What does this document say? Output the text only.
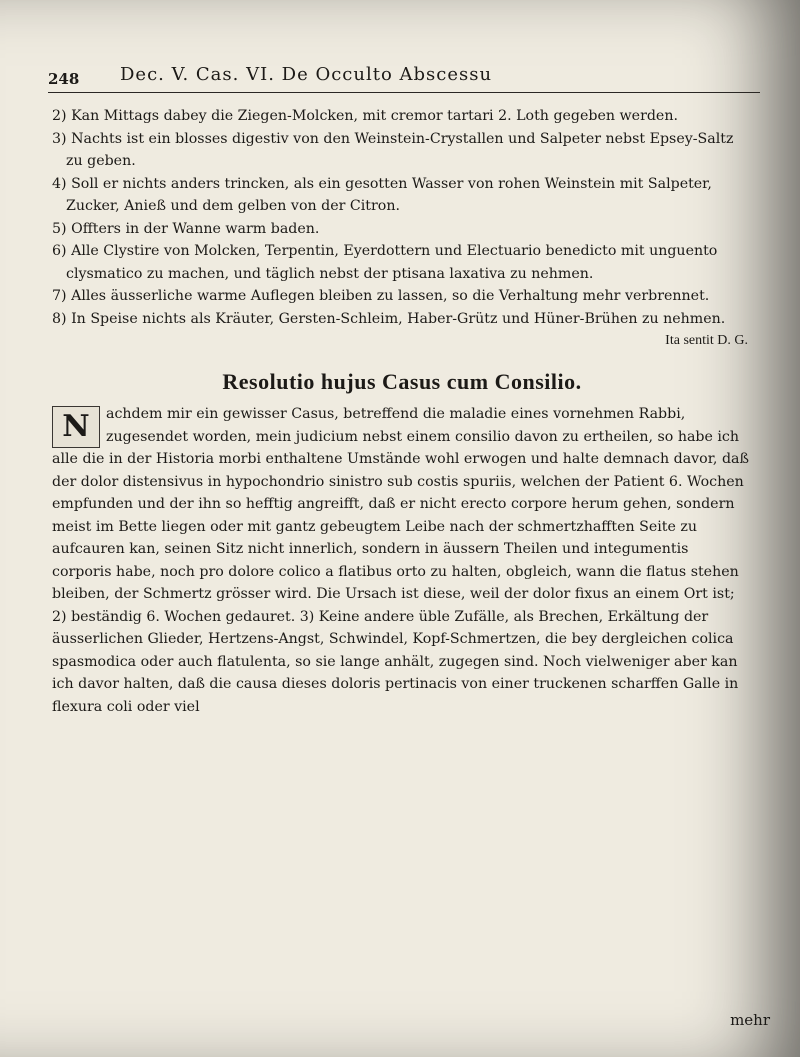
248 Dec. V. Cas. VI. De Occulto Abscessu

2) Kan Mittags dabey die Ziegen-Molcken, mit cremor tartari 2. Loth gegeben werden.

3) Nachts ist ein blosses digestiv von den Weinstein-Crystallen und Salpeter nebst Epsey-Saltz zu geben.

4) Soll er nichts anders trincken, als ein gesotten Wasser von rohen Weinstein mit Salpeter, Zucker, Anieß und dem gelben von der Citron.

5) Offters in der Wanne warm baden.

6) Alle Clystire von Molcken, Terpentin, Eyerdottern und Electuario benedicto mit unguento clysmatico zu machen, und täglich nebst der ptisana laxativa zu nehmen.

7) Alles äusserliche warme Auflegen bleiben zu lassen, so die Verhaltung mehr verbrennet.

8) In Speise nichts als Kräuter, Gersten-Schleim, Haber-Grütz und Hüner-Brühen zu nehmen.

Ita sentit D. G.

Resolutio hujus Casus cum Consilio.

N	achdem mir ein gewisser Casus, betreffend die maladie eines vornehmen Rabbi, zugesendet worden, mein judicium nebst einem consilio davon zu ertheilen, so habe ich alle die in der Historia morbi enthaltene Umstände wohl erwogen und halte demnach davor, daß der dolor distensivus in hypochondrio sinistro sub costis spuriis, welchen der Patient 6. Wochen empfunden und der ihn so hefftig angreifft, daß er nicht erecto corpore herum gehen, sondern meist im Bette liegen oder mit gantz gebeugtem Leibe nach der schmertzhafften Seite zu aufcauren kan, seinen Sitz nicht innerlich, sondern in äussern Theilen und integumentis corporis habe, noch pro dolore colico a flatibus orto zu halten, obgleich, wann die flatus stehen bleiben, der Schmertz grösser wird. Die Ursach ist diese, weil der dolor fixus an einem Ort ist; 2) beständig 6. Wochen gedauret. 3) Keine andere üble Zufälle, als Brechen, Erkältung der äusserlichen Glieder, Hertzens-Angst, Schwindel, Kopf-Schmertzen, die bey dergleichen colica spasmodica oder auch flatulenta, so sie lange anhält, zugegen sind. Noch vielweniger aber kan ich davor halten, daß die causa dieses doloris pertinacis von einer truckenen scharffen Galle in flexura coli oder viel

mehr
